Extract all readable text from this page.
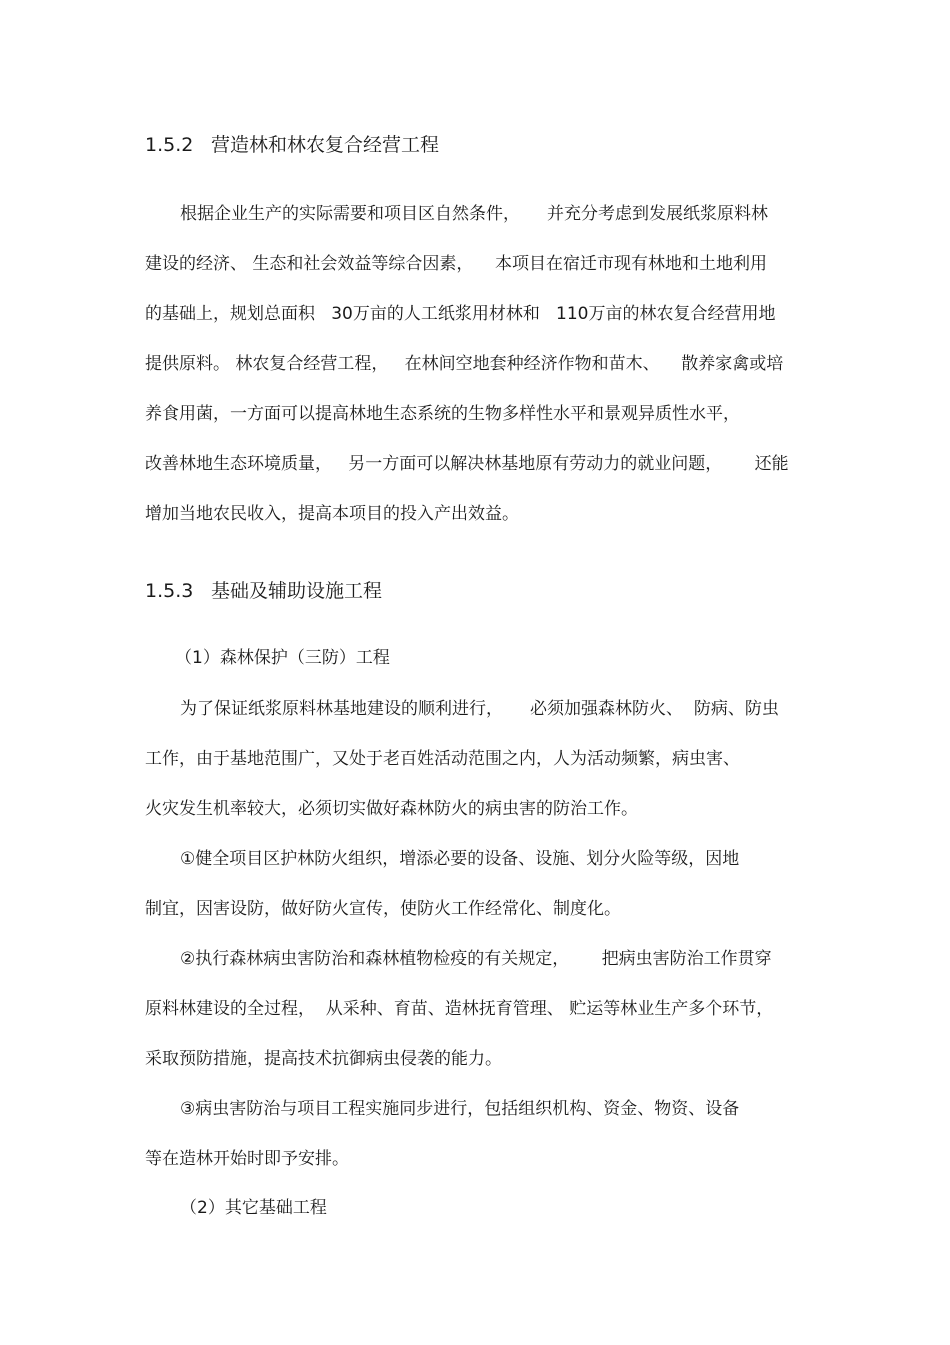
1.5.2 营造林和林农复合经营工程
根据企业生产的实际需要和项目区自然条件，     并充分考虑到发展纸浆原料林
建设的经济、 生态和社会效益等综合因素，    本项目在宿迁市现有林地和土地利用
的基础上，规划总面积   30万亩的人工纸浆用材林和   110万亩的林农复合经营用地
提供原料。 林农复合经营工程，   在林间空地套种经济作物和苗木、    散养家禽或培
养食用菌，一方面可以提高林地生态系统的生物多样性水平和景观异质性水平，
改善林地生态环境质量，   另一方面可以解决林基地原有劳动力的就业问题，      还能
增加当地农民收入，提高本项目的投入产出效益。
1.5.3 基础及辅助设施工程
（1）森林保护（三防）工程
为了保证纸浆原料林基地建设的顺利进行，     必须加强森林防火、  防病、防虫
工作，由于基地范围广，又处于老百姓活动范围之内，人为活动频繁，病虫害、
火灾发生机率较大，必须切实做好森林防火的病虫害的防治工作。
①健全项目区护林防火组织，增添必要的设备、设施、划分火险等级，因地
制宜，因害设防，做好防火宣传，使防火工作经常化、制度化。
②执行森林病虫害防治和森林植物检疫的有关规定，      把病虫害防治工作贯穿
原料林建设的全过程，  从采种、育苗、造林抚育管理、 贮运等林业生产多个环节，
采取预防措施，提高技术抗御病虫侵袭的能力。
③病虫害防治与项目工程实施同步进行，包括组织机构、资金、物资、设备
等在造林开始时即予安排。
（2）其它基础工程
